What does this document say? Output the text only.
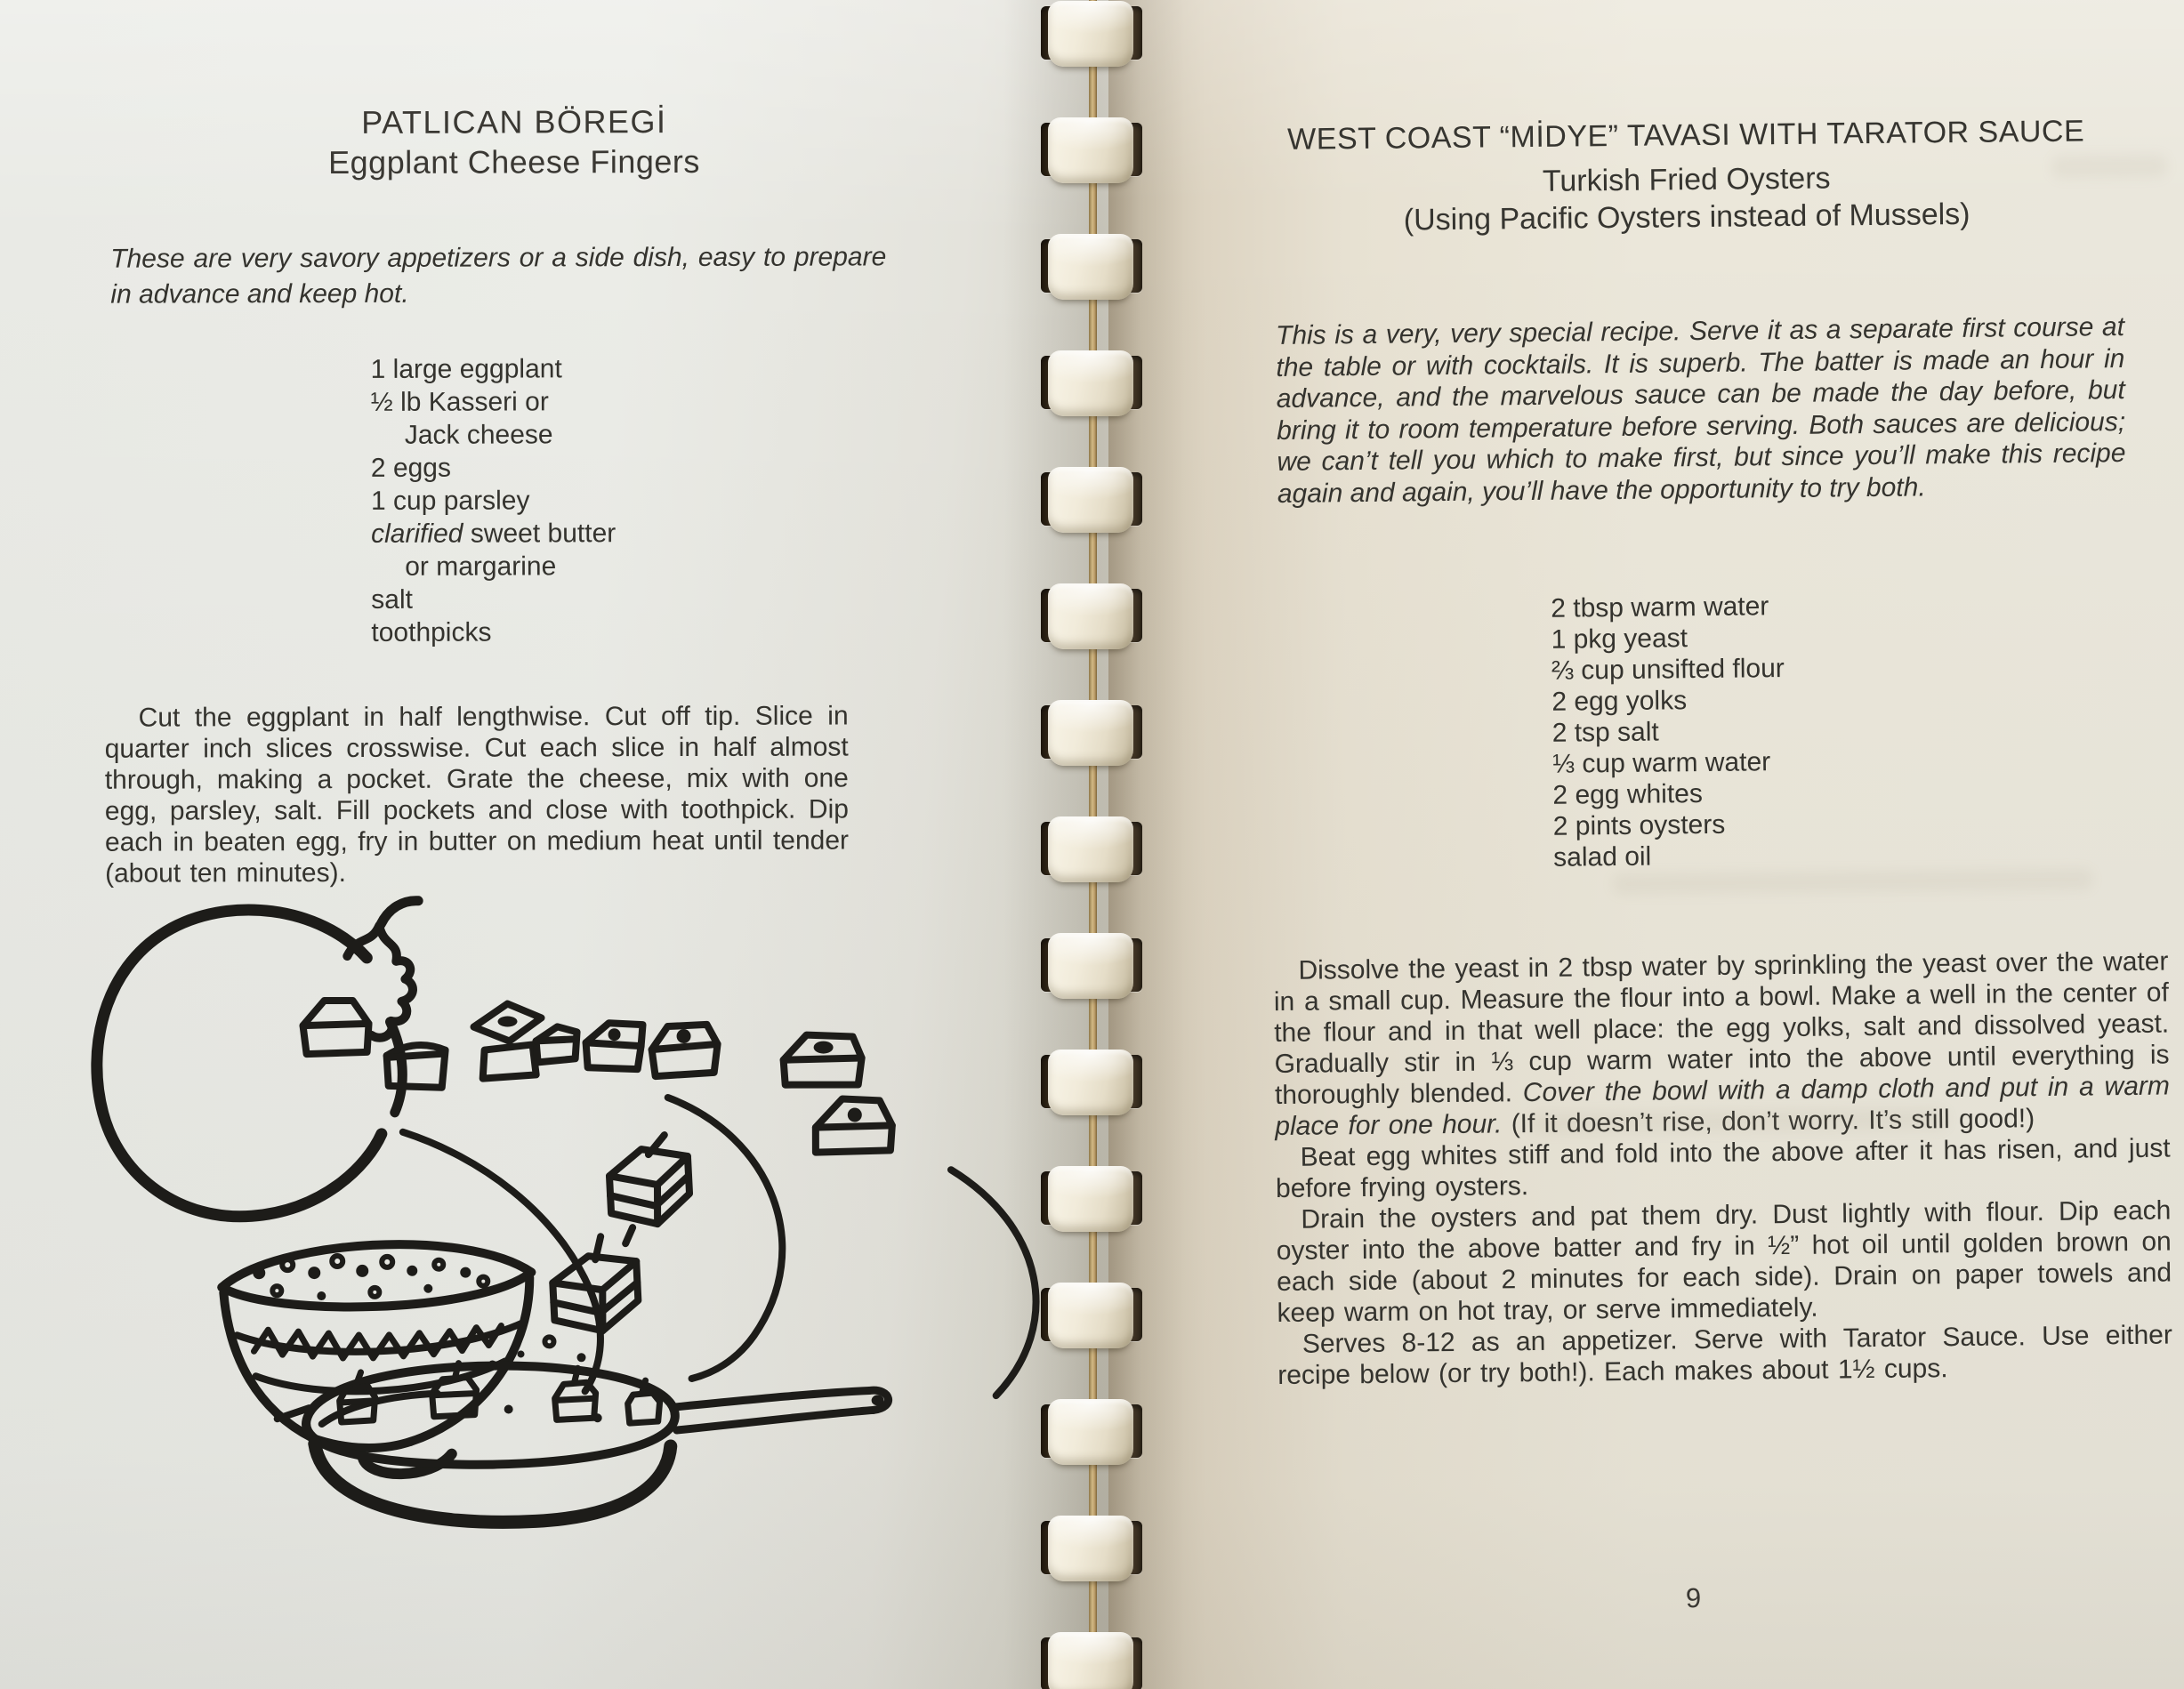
PATLICAN BÖREGİ
Eggplant Cheese Fingers

These are very savory appetizers or a side dish, easy to prepare in advance and keep hot.

1 large eggplant
½ lb Kasseri or
Jack cheese
2 eggs
1 cup parsley
clarified sweet butter
or margarine
salt
toothpicks

Cut the eggplant in half lengthwise. Cut off tip. Slice in quarter inch slices crosswise. Cut each slice in half almost through, making a pocket. Grate the cheese, mix with one egg, parsley, salt. Fill pockets and close with toothpick. Dip each in beaten egg, fry in butter on medium heat until tender (about ten minutes).

WEST COAST “MİDYE” TAVASI WITH TARATOR SAUCE
Turkish Fried Oysters
(Using Pacific Oysters instead of Mussels)

This is a very, very special recipe. Serve it as a separate first course at the table or with cocktails. It is superb. The batter is made an hour in advance, and the marvelous sauce can be made the day before, but bring it to room temperature before serving. Both sauces are delicious; we can’t tell you which to make first, but since you’ll make this recipe again and again, you’ll have the opportunity to try both.

2 tbsp warm water
1 pkg yeast
⅔ cup unsifted flour
2 egg yolks
2 tsp salt
⅓ cup warm water
2 egg whites
2 pints oysters
salad oil

Dissolve the yeast in 2 tbsp water by sprinkling the yeast over the water in a small cup. Measure the flour into a bowl. Make a well in the center of the flour and in that well place: the egg yolks, salt and dissolved yeast. Gradually stir in ⅓ cup warm water into the above until everything is thoroughly blended. Cover the bowl with a damp cloth and put in a warm place for one hour. (If it doesn’t rise, don’t worry. It’s still good!)

Beat egg whites stiff and fold into the above after it has risen, and just before frying oysters.

Drain the oysters and pat them dry. Dust lightly with flour. Dip each oyster into the above batter and fry in ½” hot oil until golden brown on each side (about 2 minutes for each side). Drain on paper towels and keep warm on hot tray, or serve immediately.

Serves 8-12 as an appetizer. Serve with Tarator Sauce. Use either recipe below (or try both!). Each makes about 1½ cups.

9
